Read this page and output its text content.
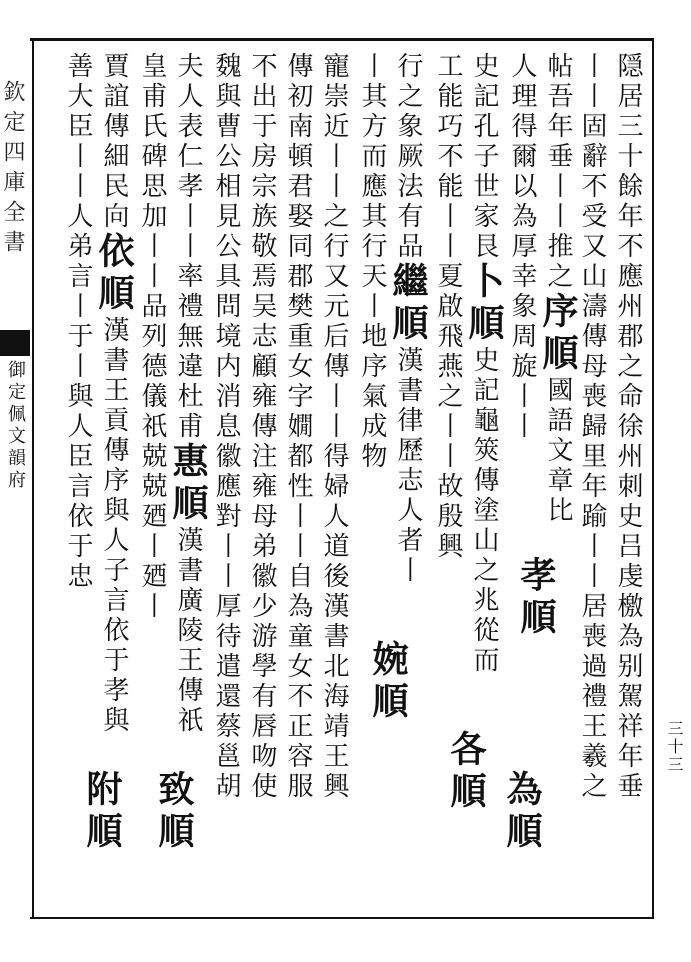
欽定四庫全書
御定佩文韻府
三十三
隠居三十餘年不應州郡之命徐州刺史吕虔檄為别駕祥年垂
丨丨固辭不受又山濤傳母喪歸里年踰丨丨居喪過禮王羲之
帖吾年垂丨丨推之序順國語文章比
人理得爾以為厚幸象周旋丨丨
史記孔子世家艮卜順史記龜筴傳塗山之兆從而
工能巧不能丨丨夏啟飛燕之丨丨故殷興
行之象厥法有品繼順漢書律歷志人者丨
丨其方而應其行天丨地序氣成物
寵崇近丨丨之行又元后傳丨丨得婦人道後漢書北海靖王興
傳初南頓君娶同郡樊重女字嫺都性丨丨自為童女不正容服
不出于房宗族敬焉吴志顧雍傳注雍母弟徽少游學有唇吻使
魏與曹公相見公具問境内消息徽應對丨丨厚待遣還蔡邕胡
夫人表仁孝丨丨率禮無違杜甫惠順漢書廣陵王傳祇
皇甫氏碑思加丨丨品列德儀祇兢兢廼丨廼丨
賈誼傳細民向依順漢書王貢傳序與人子言依于孝與
善大臣丨丨人弟言丨于丨與人臣言依于忠
孝順
為順
婉順
各順
致順
附順
